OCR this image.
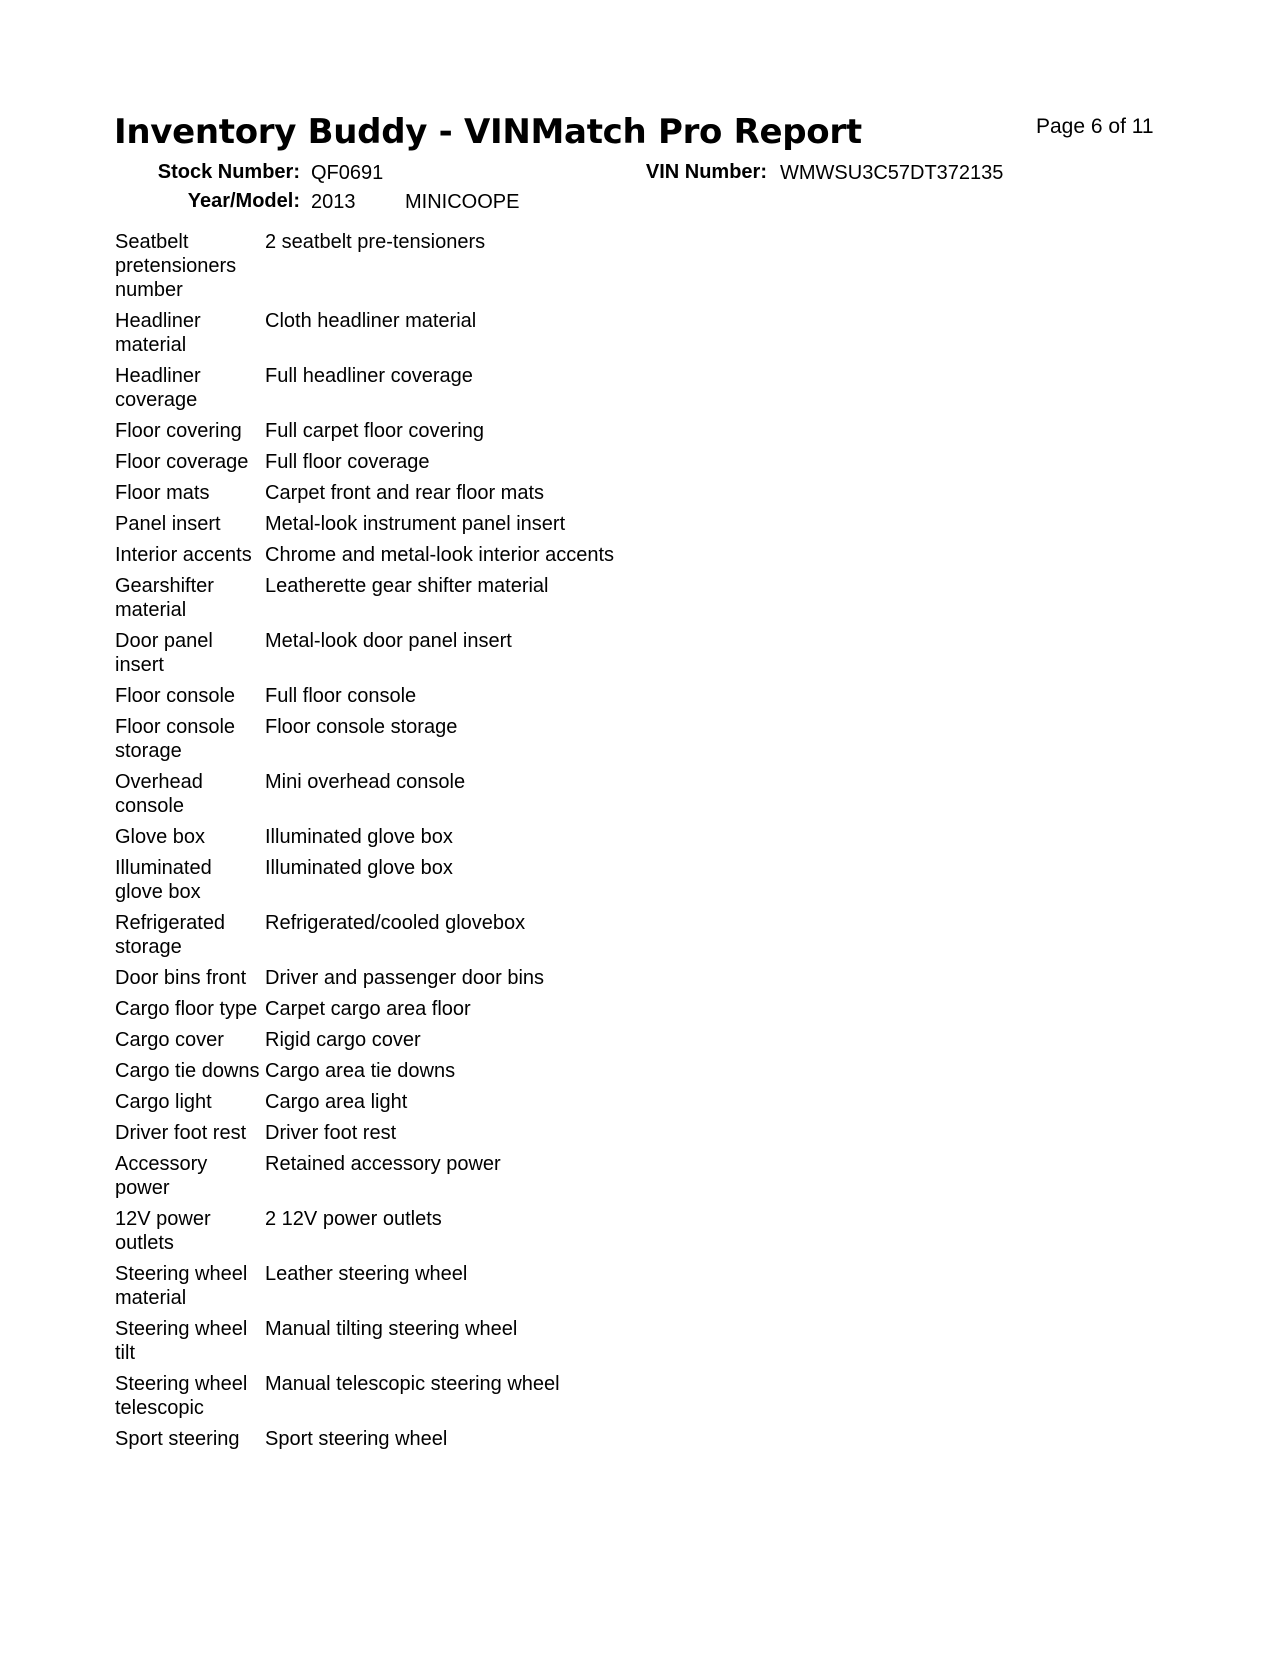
Inventory Buddy - VINMatch Pro Report	Page 6 of 11
Stock Number: QF0691	VIN Number: WMWSU3C57DT372135
Year/Model: 2013 MINICOOPE
Seatbelt pretensioners number	2 seatbelt pre-tensioners
Headliner material	Cloth headliner material
Headliner coverage	Full headliner coverage
Floor covering	Full carpet floor covering
Floor coverage	Full floor coverage
Floor mats	Carpet front and rear floor mats
Panel insert	Metal-look instrument panel insert
Interior accents	Chrome and metal-look interior accents
Gearshifter material	Leatherette gear shifter material
Door panel insert	Metal-look door panel insert
Floor console	Full floor console
Floor console storage	Floor console storage
Overhead console	Mini overhead console
Glove box	Illuminated glove box
Illuminated glove box	Illuminated glove box
Refrigerated storage	Refrigerated/cooled glovebox
Door bins front	Driver and passenger door bins
Cargo floor type	Carpet cargo area floor
Cargo cover	Rigid cargo cover
Cargo tie downs	Cargo area tie downs
Cargo light	Cargo area light
Driver foot rest	Driver foot rest
Accessory power	Retained accessory power
12V power outlets	2 12V power outlets
Steering wheel material	Leather steering wheel
Steering wheel tilt	Manual tilting steering wheel
Steering wheel telescopic	Manual telescopic steering wheel
Sport steering	Sport steering wheel
